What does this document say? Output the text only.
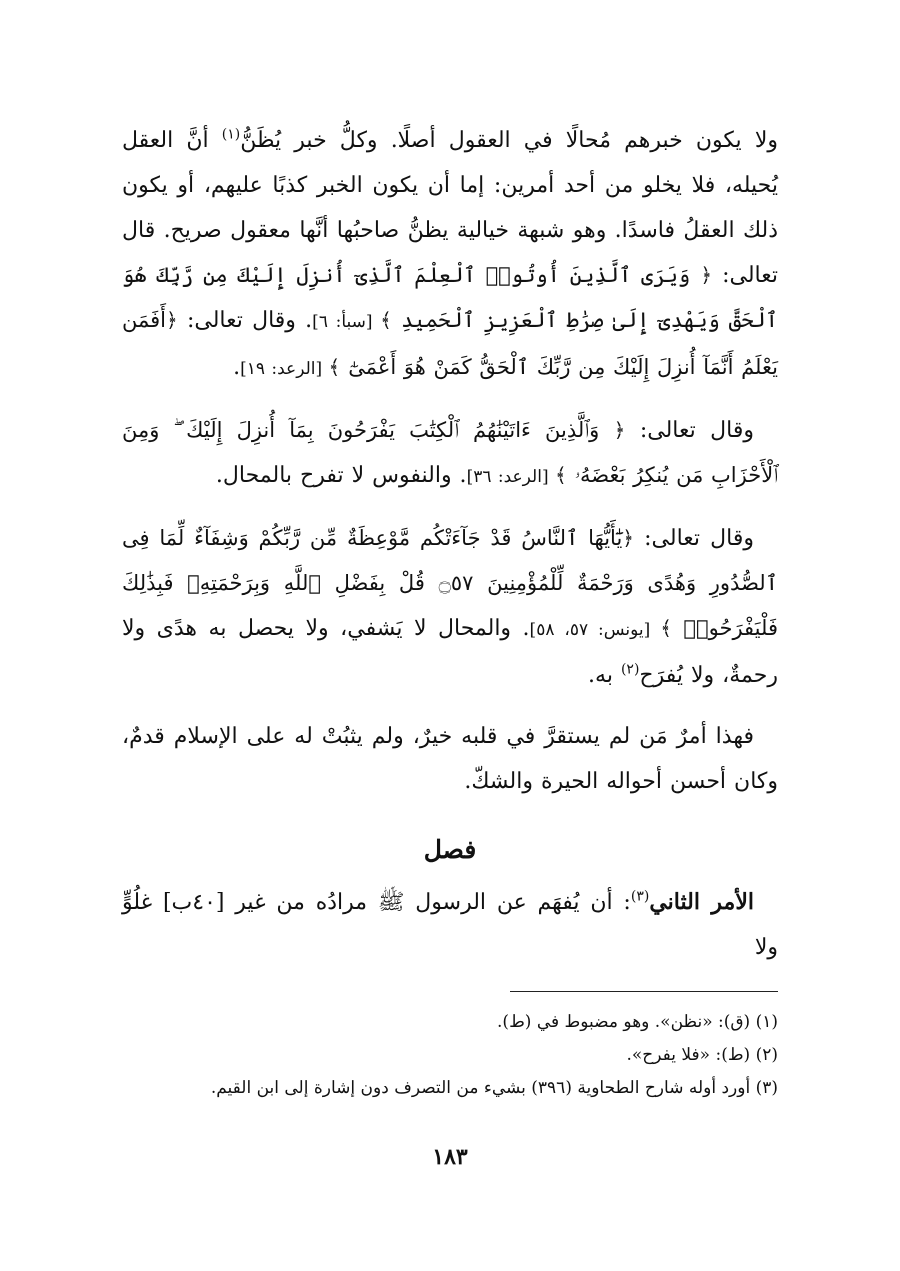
ولا يكون خبرهم مُحالًا في العقول أصلًا. وكلُّ خبر يُظَنُّ$^{(١)}$ أنَّ العقل يُحيله، فلا يخلو من أحد أمرين: إما أن يكون الخبر كذبًا عليهم، أو يكون ذلك العقلُ فاسدًا. وهو شبهة خيالية يظنُّ صاحبُها أنَّها معقول صريح. قال تعالى: ﴿ وَيَرَى ٱلَّذِينَ أُوتُوا۟ ٱلْعِلْمَ ٱلَّذِىٓ أُنزِلَ إِلَيْكَ مِن رَّبِّكَ هُوَ ٱلْحَقَّ وَيَهْدِىٓ إِلَىٰ صِرَٰطِ ٱلْعَزِيزِ ٱلْحَمِيدِ ﴾ [سبأ: ٦]. وقال تعالى: ﴿أَفَمَن يَعْلَمُ أَنَّمَآ أُنزِلَ إِلَيْكَ مِن رَّبِّكَ ٱلْحَقُّ كَمَنْ هُوَ أَعْمَىٰٓ ﴾ [الرعد: ١٩].

وقال تعالى: ﴿ وَٱلَّذِينَ ءَاتَيْنَٰهُمُ ٱلْكِتَٰبَ يَفْرَحُونَ بِمَآ أُنزِلَ إِلَيْكَ ۖ وَمِنَ ٱلْأَحْزَابِ مَن يُنكِرُ بَعْضَهُۥ ﴾ [الرعد: ٣٦]. والنفوس لا تفرح بالمحال.

وقال تعالى: ﴿يَٰٓأَيُّهَا ٱلنَّاسُ قَدْ جَآءَتْكُم مَّوْعِظَةٌ مِّن رَّبِّكُمْ وَشِفَآءٌ لِّمَا فِى ٱلصُّدُورِ وَهُدًى وَرَحْمَةٌ لِّلْمُؤْمِنِينَ ۝٥٧ قُلْ بِفَضْلِ ٱللَّهِ وَبِرَحْمَتِهِۦ فَبِذَٰلِكَ فَلْيَفْرَحُوا۟ ﴾ [يونس: ٥٧، ٥٨]. والمحال لا يَشفي، ولا يحصل به هدًى ولا رحمةٌ، ولا يُفرَح$^{(٢)}$ به.

فهذا أمرٌ مَن لم يستقرَّ في قلبه خيرٌ، ولم يثبُتْ له على الإسلام قدمٌ، وكان أحسن أحواله الحيرة والشكّ.

فصل

الأمر الثاني$^{(٣)}$: أن يُفهَم عن الرسول ﷺ مرادُه من غير [٤٠ب] غلُوٍّ ولا

(١) (ق): «نظن». وهو مضبوط في (ط).

(٢) (ط): «فلا يفرح».

(٣) أورد أوله شارح الطحاوية (٣٩٦) بشيء من التصرف دون إشارة إلى ابن القيم.

١٨٣
